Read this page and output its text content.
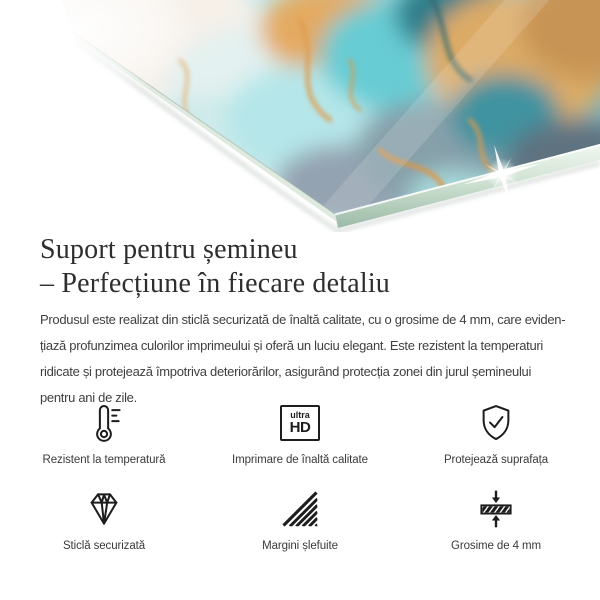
Suport pentru șemineu
– Perfecțiune în fiecare detaliu
Produsul este realizat din sticlă securizată de înaltă calitate, cu o grosime de 4 mm, care eviden-
țiază profunzimea culorilor imprimeului și oferă un luciu elegant. Este rezistent la temperaturi
ridicate și protejează împotriva deteriorărilor, asigurând protecția zonei din jurul șemineului
pentru ani de zile.
Rezistent la temperatură
ultra
HD
Imprimare de înaltă calitate	Protejează suprafața
Sticlă securizată	Margini șlefuite	Grosime de 4 mm
